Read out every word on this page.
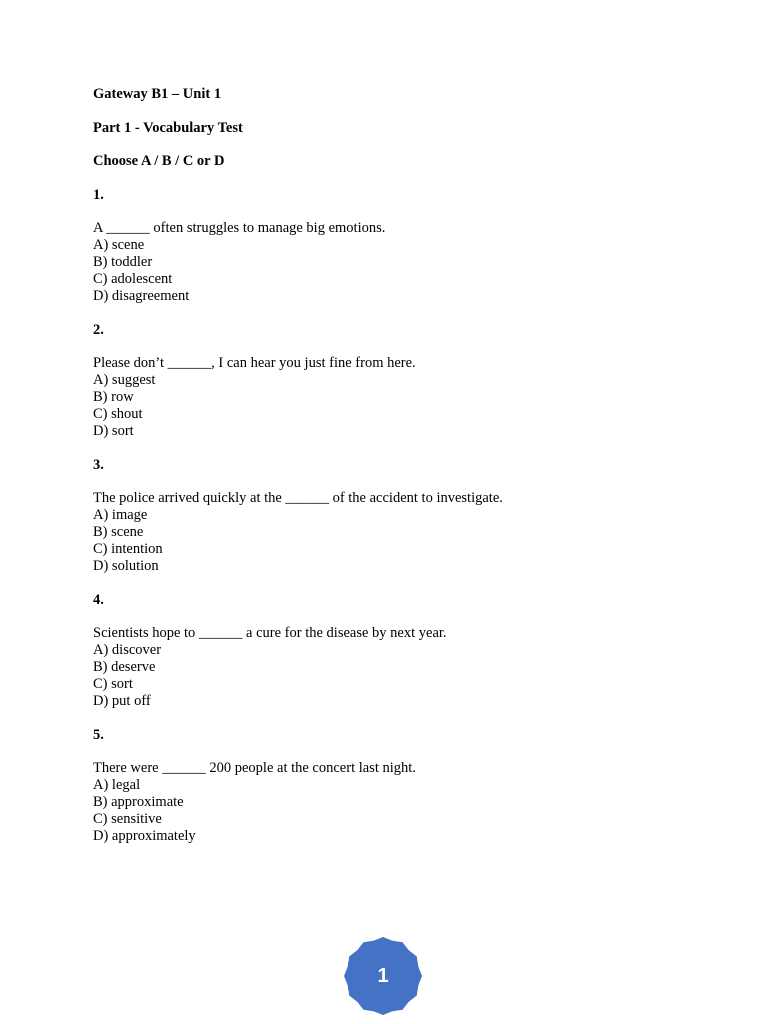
Gateway B1 – Unit 1
Part 1 - Vocabulary Test
Choose A / B / C or D
1.
A ______ often struggles to manage big emotions.
A) scene
B) toddler
C) adolescent
D) disagreement
2.
Please don’t ______, I can hear you just fine from here.
A) suggest
B) row
C) shout
D) sort
3.
The police arrived quickly at the ______ of the accident to investigate.
A) image
B) scene
C) intention
D) solution
4.
Scientists hope to ______ a cure for the disease by next year.
A) discover
B) deserve
C) sort
D) put off
5.
There were ______ 200 people at the concert last night.
A) legal
B) approximate
C) sensitive
D) approximately
1
